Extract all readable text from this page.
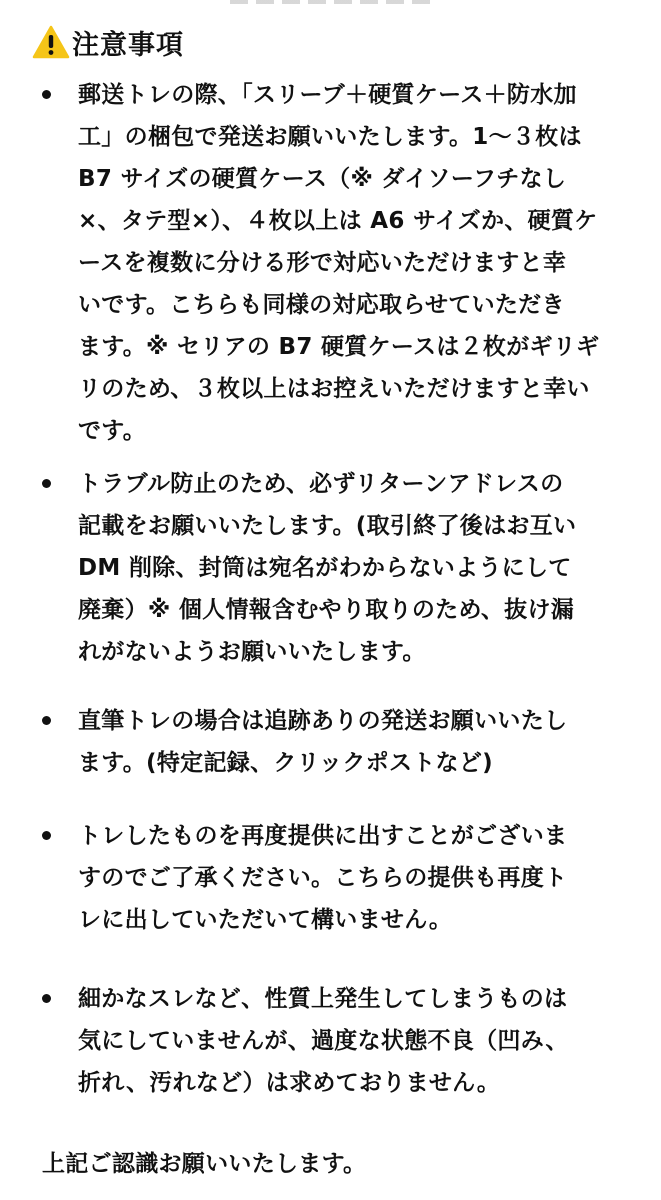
注意事項

郵送トレの際、「スリーブ＋硬質ケース＋防水加
工」の梱包で発送お願いいたします。1〜３枚は
B7 サイズの硬質ケース（※ ダイソーフチなし
×、タテ型×）、４枚以上は A6 サイズか、硬質ケ
ースを複数に分ける形で対応いただけますと幸
いです。こちらも同様の対応取らせていただき
ます。※ セリアの B7 硬質ケースは２枚がギリギ
リのため、３枚以上はお控えいただけますと幸い
です。

トラブル防止のため、必ずリターンアドレスの
記載をお願いいたします。(取引終了後はお互い
DM 削除、封筒は宛名がわからないようにして
廃棄）※ 個人情報含むやり取りのため、抜け漏
れがないようお願いいたします。

直筆トレの場合は追跡ありの発送お願いいたし
ます。(特定記録、クリックポストなど)

トレしたものを再度提供に出すことがございま
すのでご了承ください。こちらの提供も再度ト
レに出していただいて構いません。

細かなスレなど、性質上発生してしまうものは
気にしていませんが、過度な状態不良（凹み、
折れ、汚れなど）は求めておりません。

上記ご認識お願いいたします。
